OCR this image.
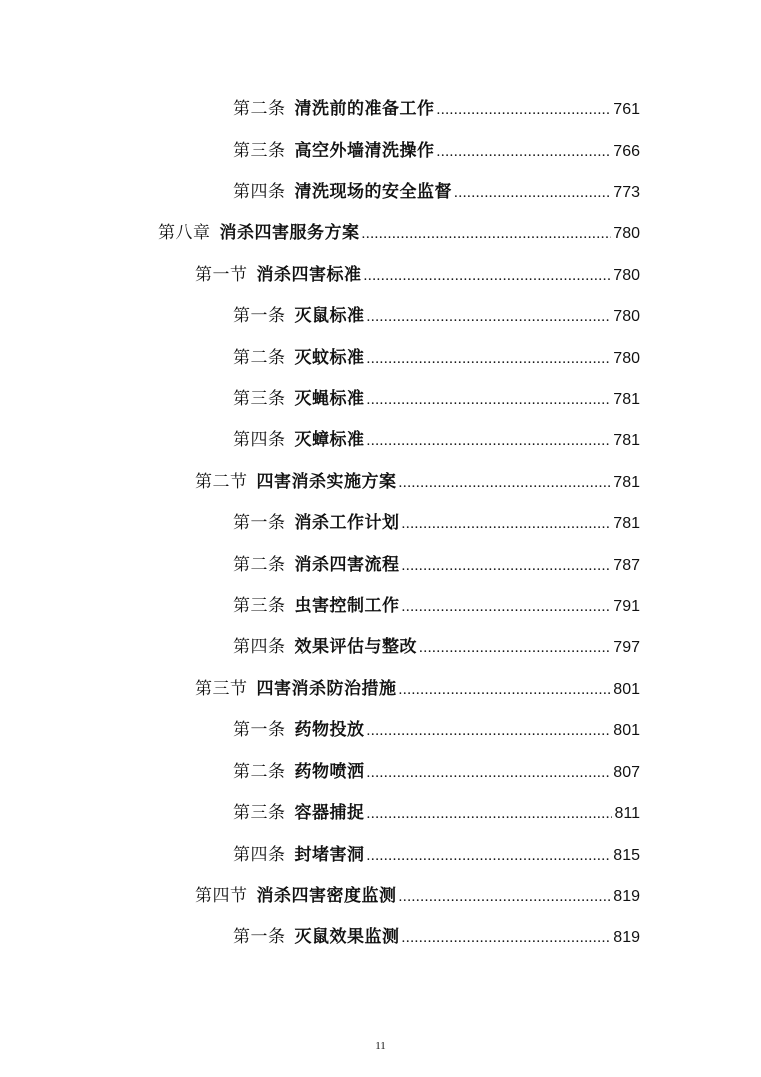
第二条 清洗前的准备工作 .....	761
第三条 高空外墙清洗操作 .....	766
第四条 清洗现场的安全监督 .....	773
第八章 消杀四害服务方案 .....	780
第一节 消杀四害标准 .....	780
第一条 灭鼠标准 .....	780
第二条 灭蚊标准 .....	780
第三条 灭蝇标准 .....	781
第四条 灭蟑标准 .....	781
第二节 四害消杀实施方案 .....	781
第一条 消杀工作计划 .....	781
第二条 消杀四害流程 .....	787
第三条 虫害控制工作 .....	791
第四条 效果评估与整改 .....	797
第三节 四害消杀防治措施 .....	801
第一条 药物投放 .....	801
第二条 药物喷洒 .....	807
第三条 容器捕捉 .....	811
第四条 封堵害洞 .....	815
第四节 消杀四害密度监测 .....	819
第一条 灭鼠效果监测 .....	819
11
